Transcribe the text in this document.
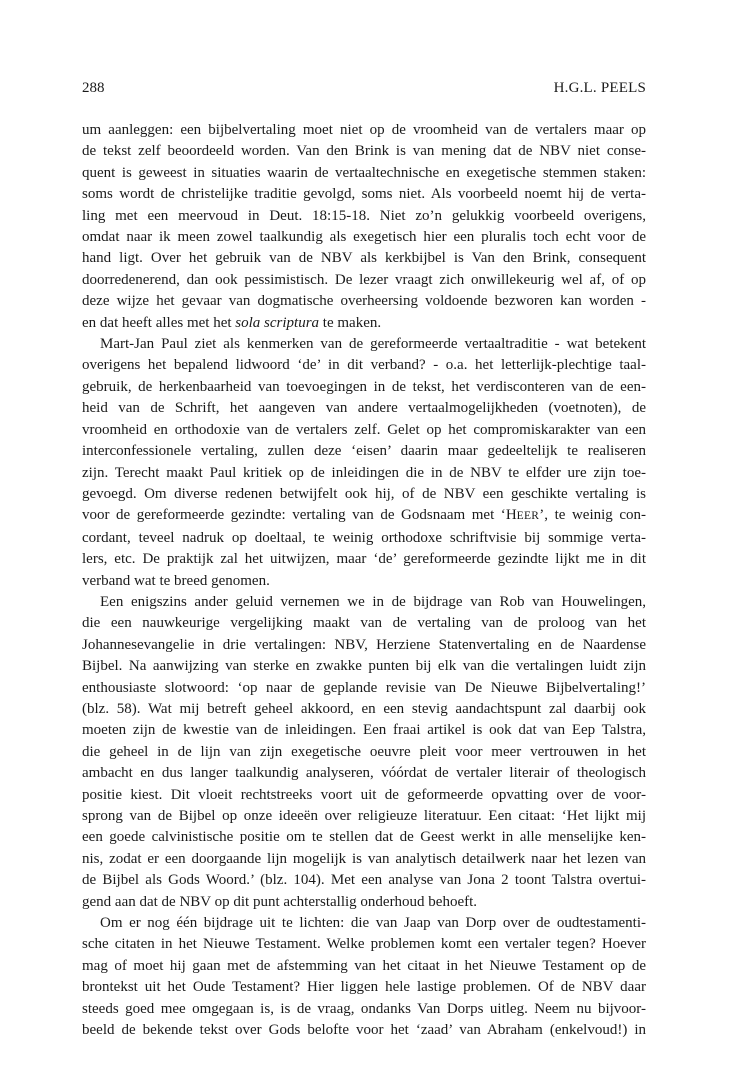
288	H.G.L. PEELS

um aanleggen: een bijbelvertaling moet niet op de vroomheid van de vertalers maar op
de tekst zelf beoordeeld worden. Van den Brink is van mening dat de NBV niet conse-
quent is geweest in situaties waarin de vertaaltechnische en exegetische stemmen staken:
soms wordt de christelijke traditie gevolgd, soms niet. Als voorbeeld noemt hij de verta-
ling met een meervoud in Deut. 18:15-18. Niet zo’n gelukkig voorbeeld overigens,
omdat naar ik meen zowel taalkundig als exegetisch hier een pluralis toch echt voor de
hand ligt. Over het gebruik van de NBV als kerkbijbel is Van den Brink, consequent
doorredenerend, dan ook pessimistisch. De lezer vraagt zich onwillekeurig wel af, of op
deze wijze het gevaar van dogmatische overheersing voldoende bezworen kan worden -
en dat heeft alles met het sola scriptura te maken.

Mart-Jan Paul ziet als kenmerken van de gereformeerde vertaaltraditie - wat betekent
overigens het bepalend lidwoord ‘de’ in dit verband? - o.a. het letterlijk-plechtige taal-
gebruik, de herkenbaarheid van toevoegingen in de tekst, het verdisconteren van de een-
heid van de Schrift, het aangeven van andere vertaalmogelijkheden (voetnoten), de
vroomheid en orthodoxie van de vertalers zelf. Gelet op het compromiskarakter van een
interconfessionele vertaling, zullen deze ‘eisen’ daarin maar gedeeltelijk te realiseren
zijn. Terecht maakt Paul kritiek op de inleidingen die in de NBV te elfder ure zijn toe-
gevoegd. Om diverse redenen betwijfelt ook hij, of de NBV een geschikte vertaling is
voor de gereformeerde gezindte: vertaling van de Godsnaam met ‘HEER’, te weinig con-
cordant, teveel nadruk op doeltaal, te weinig orthodoxe schriftvisie bij sommige verta-
lers, etc. De praktijk zal het uitwijzen, maar ‘de’ gereformeerde gezindte lijkt me in dit
verband wat te breed genomen.

Een enigszins ander geluid vernemen we in de bijdrage van Rob van Houwelingen,
die een nauwkeurige vergelijking maakt van de vertaling van de proloog van het
Johannesevangelie in drie vertalingen: NBV, Herziene Statenvertaling en de Naardense
Bijbel. Na aanwijzing van sterke en zwakke punten bij elk van die vertalingen luidt zijn
enthousiaste slotwoord: ‘op naar de geplande revisie van De Nieuwe Bijbelvertaling!’
(blz. 58). Wat mij betreft geheel akkoord, en een stevig aandachtspunt zal daarbij ook
moeten zijn de kwestie van de inleidingen. Een fraai artikel is ook dat van Eep Talstra,
die geheel in de lijn van zijn exegetische oeuvre pleit voor meer vertrouwen in het
ambacht en dus langer taalkundig analyseren, vóórdat de vertaler literair of theologisch
positie kiest. Dit vloeit rechtstreeks voort uit de geformeerde opvatting over de voor-
sprong van de Bijbel op onze ideeën over religieuze literatuur. Een citaat: ‘Het lijkt mij
een goede calvinistische positie om te stellen dat de Geest werkt in alle menselijke ken-
nis, zodat er een doorgaande lijn mogelijk is van analytisch detailwerk naar het lezen van
de Bijbel als Gods Woord.’ (blz. 104). Met een analyse van Jona 2 toont Talstra overtui-
gend aan dat de NBV op dit punt achterstallig onderhoud behoeft.

Om er nog één bijdrage uit te lichten: die van Jaap van Dorp over de oudtestamenti-
sche citaten in het Nieuwe Testament. Welke problemen komt een vertaler tegen? Hoever
mag of moet hij gaan met de afstemming van het citaat in het Nieuwe Testament op de
brontekst uit het Oude Testament? Hier liggen hele lastige problemen. Of de NBV daar
steeds goed mee omgegaan is, is de vraag, ondanks Van Dorps uitleg. Neem nu bijvoor-
beeld de bekende tekst over Gods belofte voor het ‘zaad’ van Abraham (enkelvoud!) in
